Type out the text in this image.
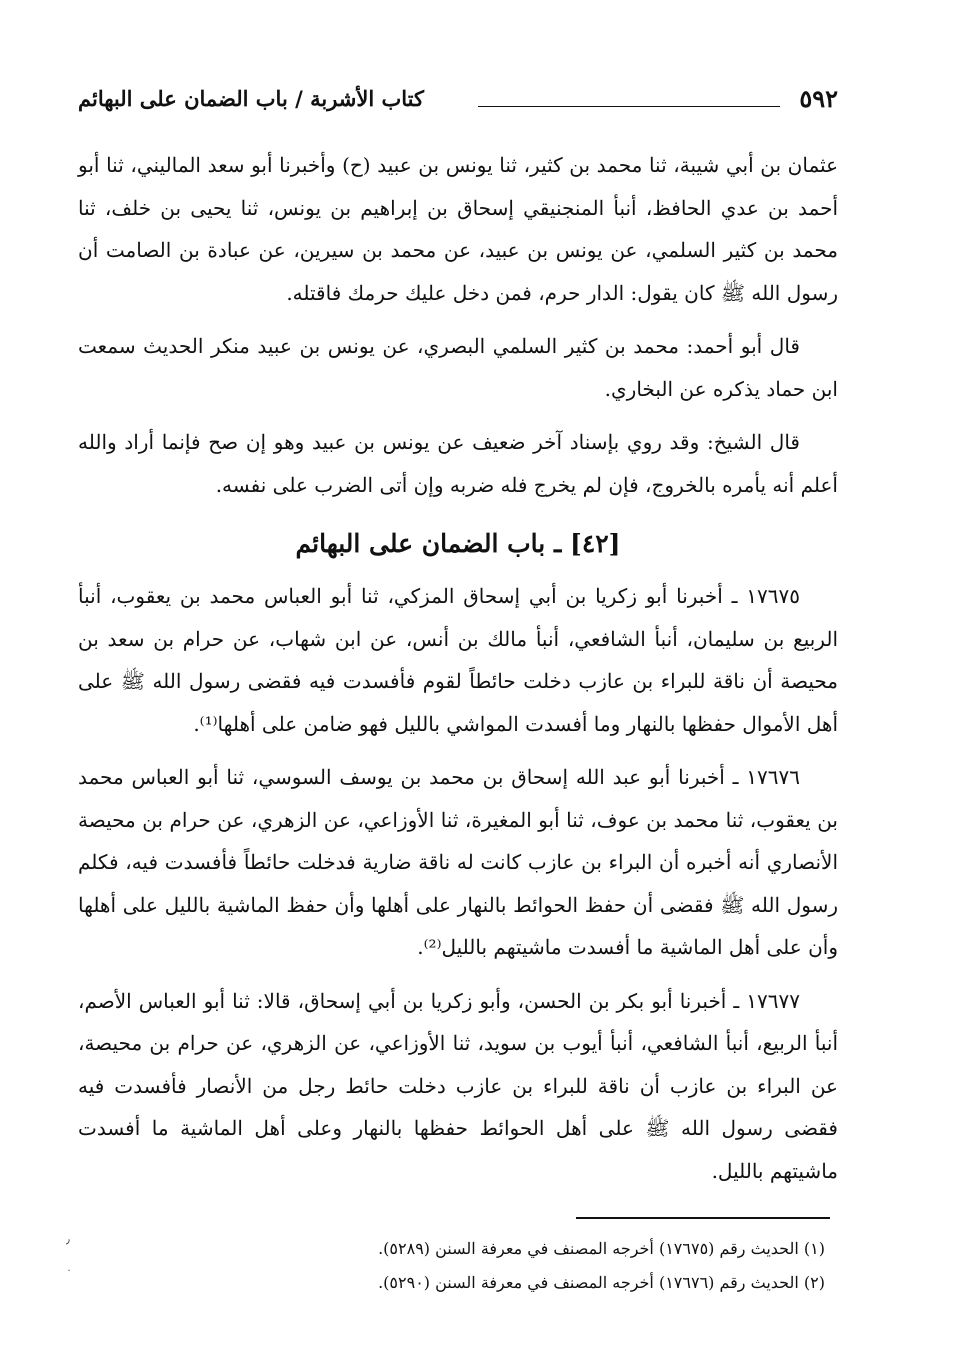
٥٩٢
كتاب الأشربة / باب الضمان على البهائم

عثمان بن أبي شيبة، ثنا محمد بن كثير، ثنا يونس بن عبيد (ح) وأخبرنا أبو سعد الماليني، ثنا أبو أحمد بن عدي الحافظ، أنبأ المنجنيقي إسحاق بن إبراهيم بن يونس، ثنا يحيى بن خلف، ثنا محمد بن كثير السلمي، عن يونس بن عبيد، عن محمد بن سيرين، عن عبادة بن الصامت أن رسول الله ﷺ كان يقول: الدار حرم، فمن دخل عليك حرمك فاقتله.

قال أبو أحمد: محمد بن كثير السلمي البصري، عن يونس بن عبيد منكر الحديث سمعت ابن حماد يذكره عن البخاري.

قال الشيخ: وقد روي بإسناد آخر ضعيف عن يونس بن عبيد وهو إن صح فإنما أراد والله أعلم أنه يأمره بالخروج، فإن لم يخرج فله ضربه وإن أتى الضرب على نفسه.

[٤٢] ـ باب الضمان على البهائم

١٧٦٧٥ ـ أخبرنا أبو زكريا بن أبي إسحاق المزكي، ثنا أبو العباس محمد بن يعقوب، أنبأ الربيع بن سليمان، أنبأ الشافعي، أنبأ مالك بن أنس، عن ابن شهاب، عن حرام بن سعد بن محيصة أن ناقة للبراء بن عازب دخلت حائطاً لقوم فأفسدت فيه فقضى رسول الله ﷺ على أهل الأموال حفظها بالنهار وما أفسدت المواشي بالليل فهو ضامن على أهلها⁽¹⁾.

١٧٦٧٦ ـ أخبرنا أبو عبد الله إسحاق بن محمد بن يوسف السوسي، ثنا أبو العباس محمد بن يعقوب، ثنا محمد بن عوف، ثنا أبو المغيرة، ثنا الأوزاعي، عن الزهري، عن حرام بن محيصة الأنصاري أنه أخبره أن البراء بن عازب كانت له ناقة ضارية فدخلت حائطاً فأفسدت فيه، فكلم رسول الله ﷺ فقضى أن حفظ الحوائط بالنهار على أهلها وأن حفظ الماشية بالليل على أهلها وأن على أهل الماشية ما أفسدت ماشيتهم بالليل⁽²⁾.

١٧٦٧٧ ـ أخبرنا أبو بكر بن الحسن، وأبو زكريا بن أبي إسحاق، قالا: ثنا أبو العباس الأصم، أنبأ الربيع، أنبأ الشافعي، أنبأ أيوب بن سويد، ثنا الأوزاعي، عن الزهري، عن حرام بن محيصة، عن البراء بن عازب أن ناقة للبراء بن عازب دخلت حائط رجل من الأنصار فأفسدت فيه فقضى رسول الله ﷺ على أهل الحوائط حفظها بالنهار وعلى أهل الماشية ما أفسدت ماشيتهم بالليل.

(١) الحديث رقم (١٧٦٧٥) أخرجه المصنف في معرفة السنن (٥٢٨٩).
(٢) الحديث رقم (١٧٦٧٦) أخرجه المصنف في معرفة السنن (٥٢٩٠).
٫
˙
